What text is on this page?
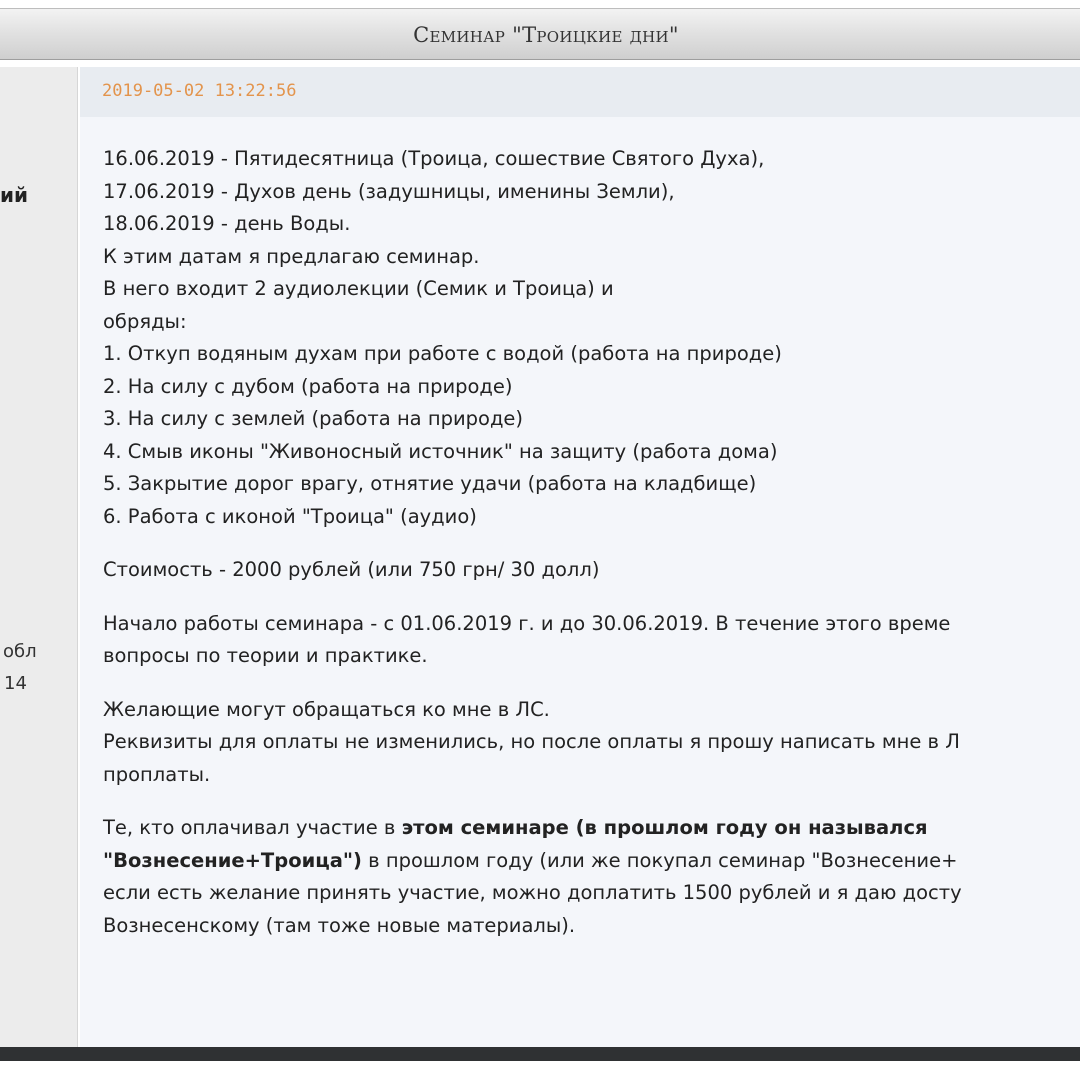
Семинар "Троицкие дни"
ий
обл
14
2019-05-02 13:22:56
16.06.2019 - Пятидесятница (Троица, сошествие Святого Духа),
17.06.2019 - Духов день (задушницы, именины Земли),
18.06.2019 - день Воды.
К этим датам я предлагаю семинар.
В него входит 2 аудиолекции (Семик и Троица) и
обряды:
1. Откуп водяным духам при работе с водой (работа на природе)
2. На силу с дубом (работа на природе)
3. На силу с землей (работа на природе)
4. Смыв иконы "Живоносный источник" на защиту (работа дома)
5. Закрытие дорог врагу, отнятие удачи (работа на кладбище)
6. Работа с иконой "Троица" (аудио)
Стоимость - 2000 рублей (или 750 грн/ 30 долл)
Начало работы семинара - с 01.06.2019 г. и до 30.06.2019. В течение этого време
вопросы по теории и практике.
Желающие могут обращаться ко мне в ЛС.
Реквизиты для оплаты не изменились, но после оплаты я прошу написать мне в Л
проплаты.
Те, кто оплачивал участие в этом семинаре (в прошлом году он назывался
"Вознесение+Троица") в прошлом году (или же покупал семинар "Вознесение+
если есть желание принять участие, можно доплатить 1500 рублей и я даю досту
Вознесенскому (там тоже новые материалы).
